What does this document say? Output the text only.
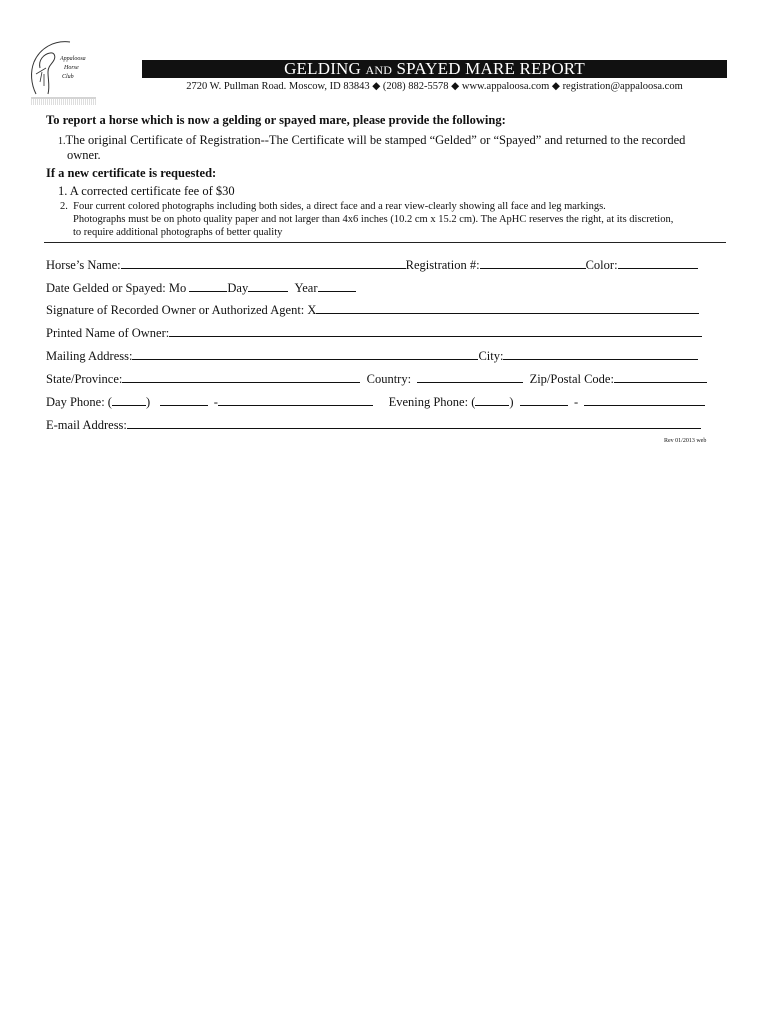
Appaloosa
Horse
Club	GELDING AND SPAYED MARE REPORT
2720 W. Pullman Road. Moscow, ID 83843 ◆ (208) 882-5578 ◆ www.appaloosa.com ◆ registration@appaloosa.com
To report a horse which is now a gelding or spayed mare, please provide the following:
1.The original Certificate of Registration--The Certificate will be stamped “Gelded” or “Spayed” and returned to the recorded
owner.
If a new certificate is requested:
1. A corrected certificate fee of $30
2. Four current colored photographs including both sides, a direct face and a rear view-clearly showing all face and leg markings.
Photographs must be on photo quality paper and not larger than 4x6 inches (10.2 cm x 15.2 cm). The ApHC reserves the right, at its discretion,
to require additional photographs of better quality
Horse’s Name:	Registration #:	Color:
Date Gelded or Spayed: Mo	Day	Year
Signature of Recorded Owner or Authorized Agent: X
Printed Name of Owner:
Mailing Address:	City:
State/Province:	Country:	Zip/Postal Code:
Day Phone: (	)	-	Evening Phone: (	)	-
E-mail Address:
Rev 01/2013 web
